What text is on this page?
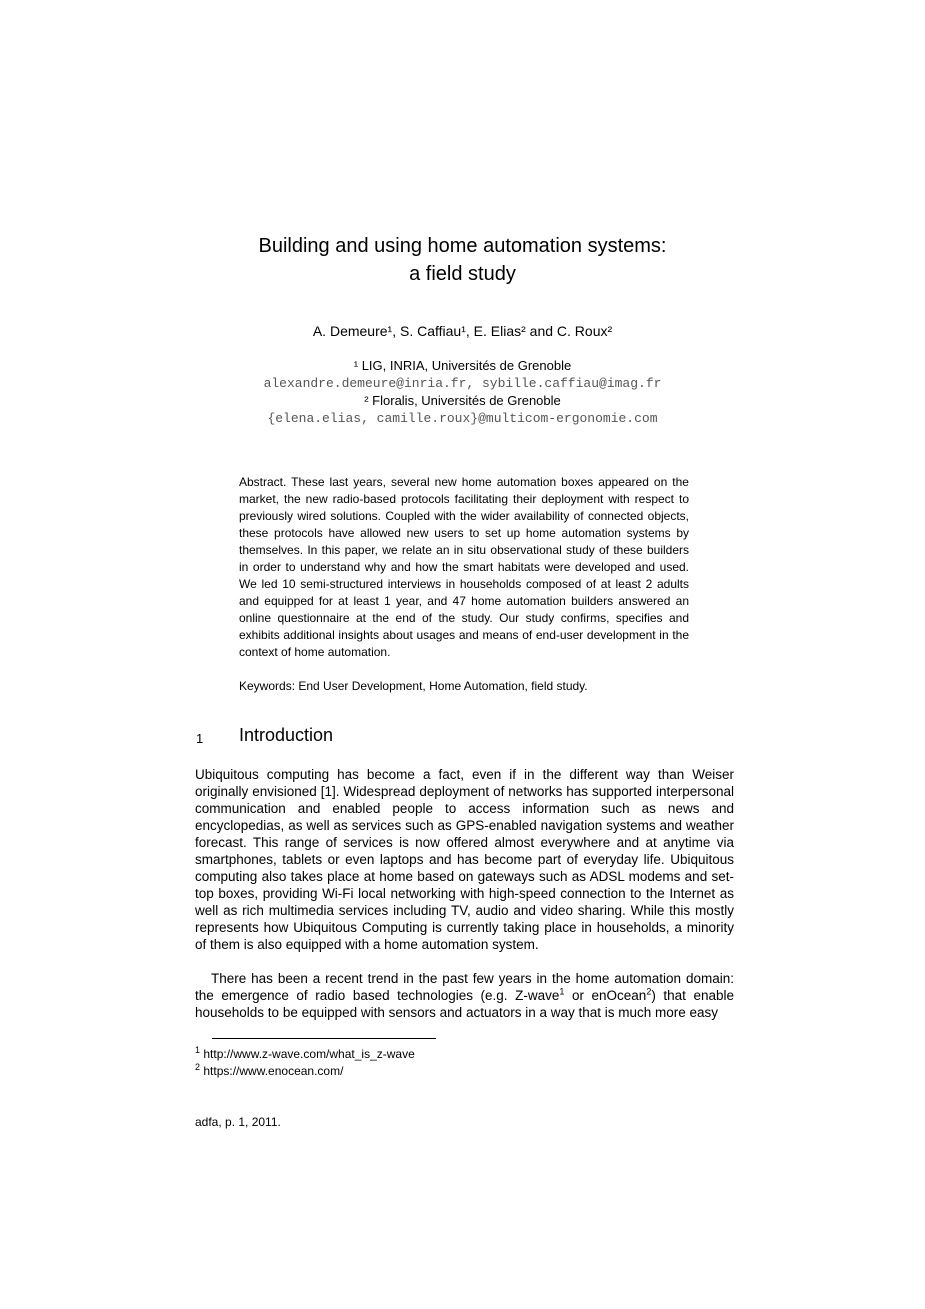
Building and using home automation systems:
a field study
A. Demeure¹, S. Caffiau¹, E. Elias² and C. Roux²
¹ LIG, INRIA, Universités de Grenoble
alexandre.demeure@inria.fr, sybille.caffiau@imag.fr
² Floralis, Universités de Grenoble
{elena.elias, camille.roux}@multicom-ergonomie.com
Abstract. These last years, several new home automation boxes appeared on the market, the new radio-based protocols facilitating their deployment with respect to previously wired solutions. Coupled with the wider availability of connected objects, these protocols have allowed new users to set up home automation systems by themselves. In this paper, we relate an in situ observational study of these builders in order to understand why and how the smart habitats were developed and used. We led 10 semi-structured interviews in households composed of at least 2 adults and equipped for at least 1 year, and 47 home automation builders answered an online questionnaire at the end of the study. Our study confirms, specifies and exhibits additional insights about usages and means of end-user development in the context of home automation.
Keywords: End User Development, Home Automation, field study.
1 Introduction
Ubiquitous computing has become a fact, even if in the different way than Weiser originally envisioned [1]. Widespread deployment of networks has supported interpersonal communication and enabled people to access information such as news and encyclopedias, as well as services such as GPS-enabled navigation systems and weather forecast. This range of services is now offered almost everywhere and at anytime via smartphones, tablets or even laptops and has become part of everyday life. Ubiquitous computing also takes place at home based on gateways such as ADSL modems and set-top boxes, providing Wi-Fi local networking with high-speed connection to the Internet as well as rich multimedia services including TV, audio and video sharing. While this mostly represents how Ubiquitous Computing is currently taking place in households, a minority of them is also equipped with a home automation system.
There has been a recent trend in the past few years in the home automation domain: the emergence of radio based technologies (e.g. Z-wave$^1$ or enOcean$^2$) that enable households to be equipped with sensors and actuators in a way that is much more easy
$^1$ http://www.z-wave.com/what_is_z-wave
$^2$ https://www.enocean.com/
adfa, p. 1, 2011.
